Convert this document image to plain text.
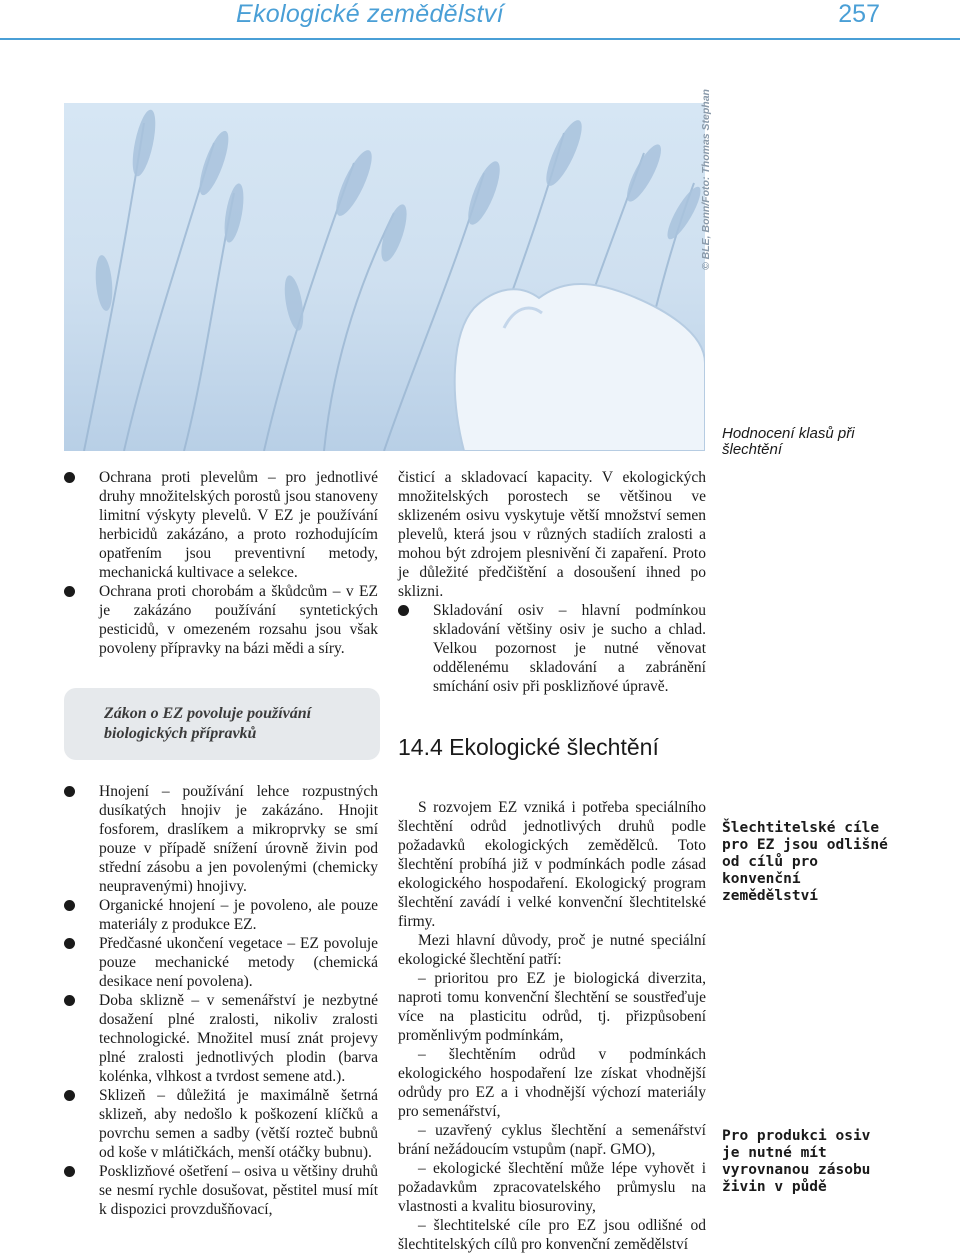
Ekologické zemědělství	257
© BLE, Bonn/Foto: Thomas Stephan
Hodnocení klasů při šlechtění
Ochrana proti plevelům – pro jednotlivé druhy množitelských porostů jsou stanoveny limitní výskyty plevelů. V EZ je používání herbicidů zakázáno, a proto rozhodujícím opatřením jsou preventivní metody, mechanická kultivace a selekce.
Ochrana proti chorobám a škůdcům – v EZ je zakázáno používání syntetických pesticidů, v omezeném rozsahu jsou však povoleny přípravky na bázi mědi a síry.
Zákon o EZ povoluje používání biologických přípravků
Hnojení – používání lehce rozpustných dusíkatých hnojiv je zakázáno. Hnojit fosforem, draslíkem a mikroprvky se smí pouze v případě snížení úrovně živin pod střední zásobu a jen povolenými (chemicky neupravenými) hnojivy.
Organické hnojení – je povoleno, ale pouze materiály z produkce EZ.
Předčasné ukončení vegetace – EZ povoluje pouze mechanické metody (chemická desikace není povolena).
Doba sklizně – v semenářství je nezbytné dosažení plné zralosti, nikoliv zralosti technologické. Množitel musí znát projevy plné zralosti jednotlivých plodin (barva kolénka, vlhkost a tvrdost semene atd.).
Sklizeň – důležitá je maximálně šetrná sklizeň, aby nedošlo k poškození klíčků a povrchu semen a sadby (větší rozteč bubnů od koše v mlátičkách, menší otáčky bubnu).
Posklizňové ošetření – osiva u většiny druhů se nesmí rychle dosušovat, pěstitel musí mít k dispozici provzdušňovací,

čisticí a skladovací kapacity. V ekologických množitelských porostech se většinou ve sklizeném osivu vyskytuje větší množství semen plevelů, která jsou v různých stadiích zralosti a mohou být zdrojem plesnivění či zapaření. Proto je důležité předčištění a dosoušení ihned po sklizni.

Skladování osiv – hlavní podmínkou skladování většiny osiv je sucho a chlad. Velkou pozornost je nutné věnovat oddělenému skladování a zabránění smíchání osiv při posklizňové úpravě.
14.4 Ekologické šlechtění

S rozvojem EZ vzniká i potřeba speciálního šlechtění odrůd jednotlivých druhů podle požadavků ekologických zemědělců. Toto šlechtění probíhá již v podmínkách podle zásad ekologického hospodaření. Ekologický program šlechtění zavádí i velké konvenční šlechtitelské firmy.

Mezi hlavní důvody, proč je nutné speciální ekologické šlechtění patří:

– prioritou pro EZ je biologická diverzita, naproti tomu konvenční šlechtění se soustřeďuje více na plasticitu odrůd, tj. přizpůsobení proměnlivým podmínkám,

– šlechtěním odrůd v podmínkách ekologického hospodaření lze získat vhodnější odrůdy pro EZ a i vhodnější výchozí materiály pro semenářství,

– uzavřený cyklus šlechtění a semenářství brání nežádoucím vstupům (např. GMO),

– ekologické šlechtění může lépe vyhovět i požadavkům zpracovatelského průmyslu na vlastnosti a kvalitu biosuroviny,

– šlechtitelské cíle pro EZ jsou odlišné od šlechtitelských cílů pro konvenční zemědělství

Šlechtitelské cíle pro EZ jsou odlišné od cílů pro konvenční zemědělství
Pro produkci osiv je nutné mít vyrovnanou zásobu živin v půdě
